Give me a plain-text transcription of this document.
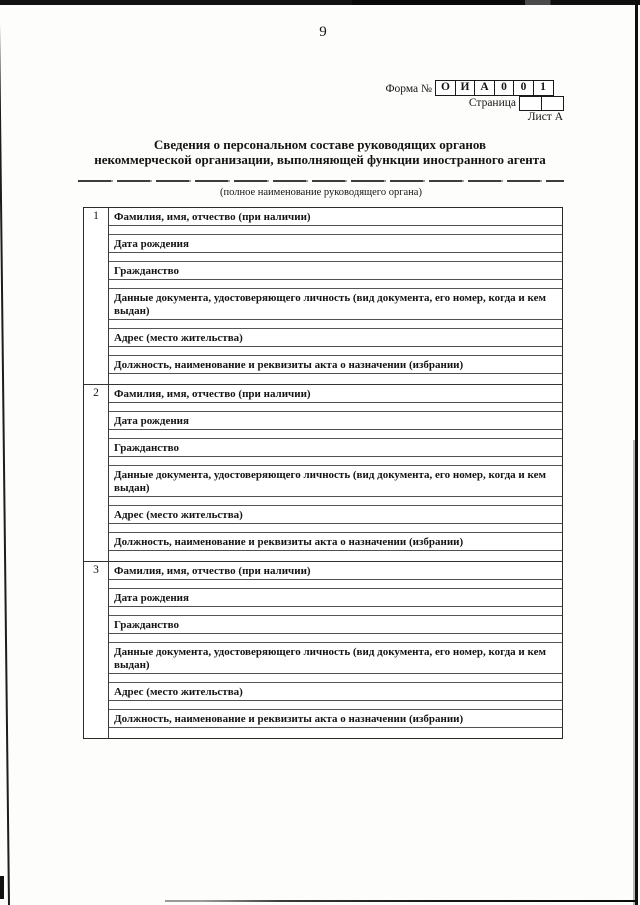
9
Форма № О И А	0	0	1
Страница
Лист А
Сведения о персональном составе руководящих органов
некоммерческой организации, выполняющей функции иностранного агента
(полное наименование руководящего органа)
1	Фамилия, имя, отчество (при наличии)
Дата рождения
Гражданство
Данные документа, удостоверяющего личность (вид документа, его номер, когда и кем выдан)
Адрес (место жительства)
Должность, наименование и реквизиты акта о назначении (избрании)
2	Фамилия, имя, отчество (при наличии)
Дата рождения
Гражданство
Данные документа, удостоверяющего личность (вид документа, его номер, когда и кем выдан)
Адрес (место жительства)
Должность, наименование и реквизиты акта о назначении (избрании)
3	Фамилия, имя, отчество (при наличии)
Дата рождения
Гражданство
Данные документа, удостоверяющего личность (вид документа, его номер, когда и кем выдан)
Адрес (место жительства)
Должность, наименование и реквизиты акта о назначении (избрании)
